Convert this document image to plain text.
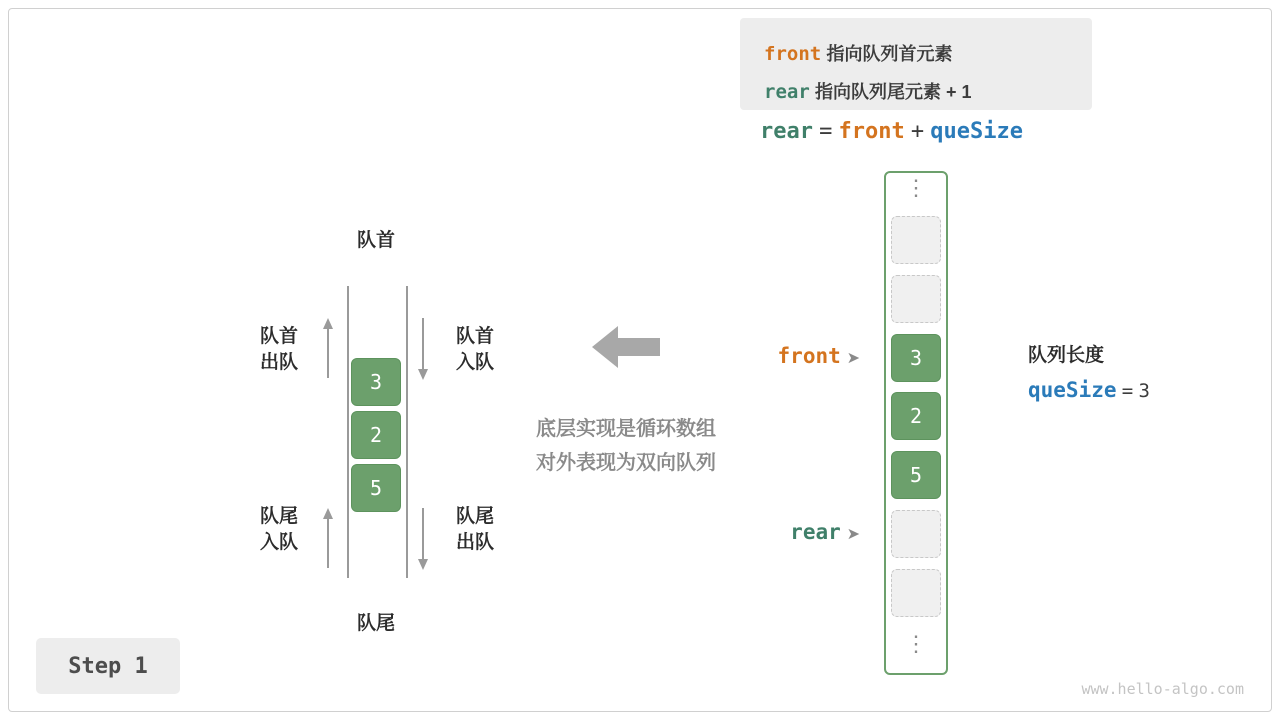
front 指向队列首元素
rear 指向队列尾元素 + 1
rear = front + queSize
队首
队尾
队首
出队
队尾
入队
队首
入队
队尾
出队
3
2
5
底层实现是循环数组
对外表现为双向队列
⋮
3
2
5
⋮
front ➤
rear ➤
队列长度
queSize = 3
Step 1
www.hello-algo.com
